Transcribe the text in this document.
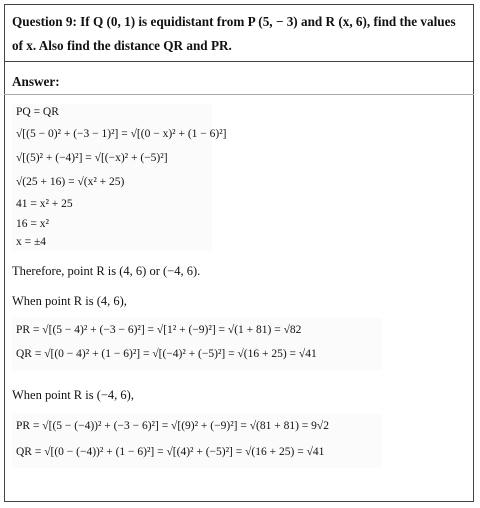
Question 9: If Q (0, 1) is equidistant from P (5, − 3) and R (x, 6), find the values of x. Also find the distance QR and PR.
Answer:
PQ = QR
√[(5 − 0)² + (−3 − 1)²] = √[(0 − x)² + (1 − 6)²]
√[(5)² + (−4)²] = √[(−x)² + (−5)²]
√(25 + 16) = √(x² + 25)
41 = x² + 25
16 = x²
x = ±4
Therefore, point R is (4, 6) or (−4, 6).
When point R is (4, 6),
PR = √[(5 − 4)² + (−3 − 6)²] = √[1² + (−9)²] = √(1 + 81) = √82
QR = √[(0 − 4)² + (1 − 6)²] = √[(−4)² + (−5)²] = √(16 + 25) = √41
When point R is (−4, 6),
PR = √[(5 − (−4))² + (−3 − 6)²] = √[(9)² + (−9)²] = √(81 + 81) = 9√2
QR = √[(0 − (−4))² + (1 − 6)²] = √[(4)² + (−5)²] = √(16 + 25) = √41
